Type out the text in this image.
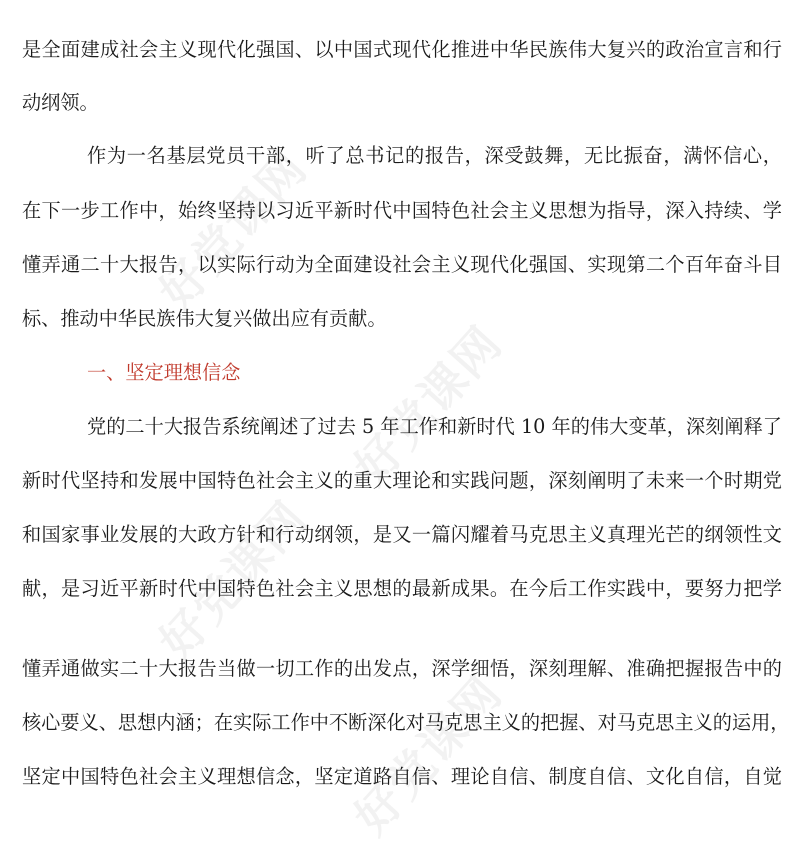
好党课网
好党课网
好党课网
好党课网
是全面建成社会主义现代化强国、以中国式现代化推进中华民族伟大复兴的政治宣言和行
动纲领。
作为一名基层党员干部，听了总书记的报告，深受鼓舞，无比振奋，满怀信心，
在下一步工作中，始终坚持以习近平新时代中国特色社会主义思想为指导，深入持续、学
懂弄通二十大报告，以实际行动为全面建设社会主义现代化强国、实现第二个百年奋斗目
标、推动中华民族伟大复兴做出应有贡献。
一、坚定理想信念
党的二十大报告系统阐述了过去 5 年工作和新时代 10 年的伟大变革，深刻阐释了
新时代坚持和发展中国特色社会主义的重大理论和实践问题，深刻阐明了未来一个时期党
和国家事业发展的大政方针和行动纲领，是又一篇闪耀着马克思主义真理光芒的纲领性文
献，是习近平新时代中国特色社会主义思想的最新成果。在今后工作实践中，要努力把学
懂弄通做实二十大报告当做一切工作的出发点，深学细悟，深刻理解、准确把握报告中的
核心要义、思想内涵；在实际工作中不断深化对马克思主义的把握、对马克思主义的运用，
坚定中国特色社会主义理想信念，坚定道路自信、理论自信、制度自信、文化自信，自觉
